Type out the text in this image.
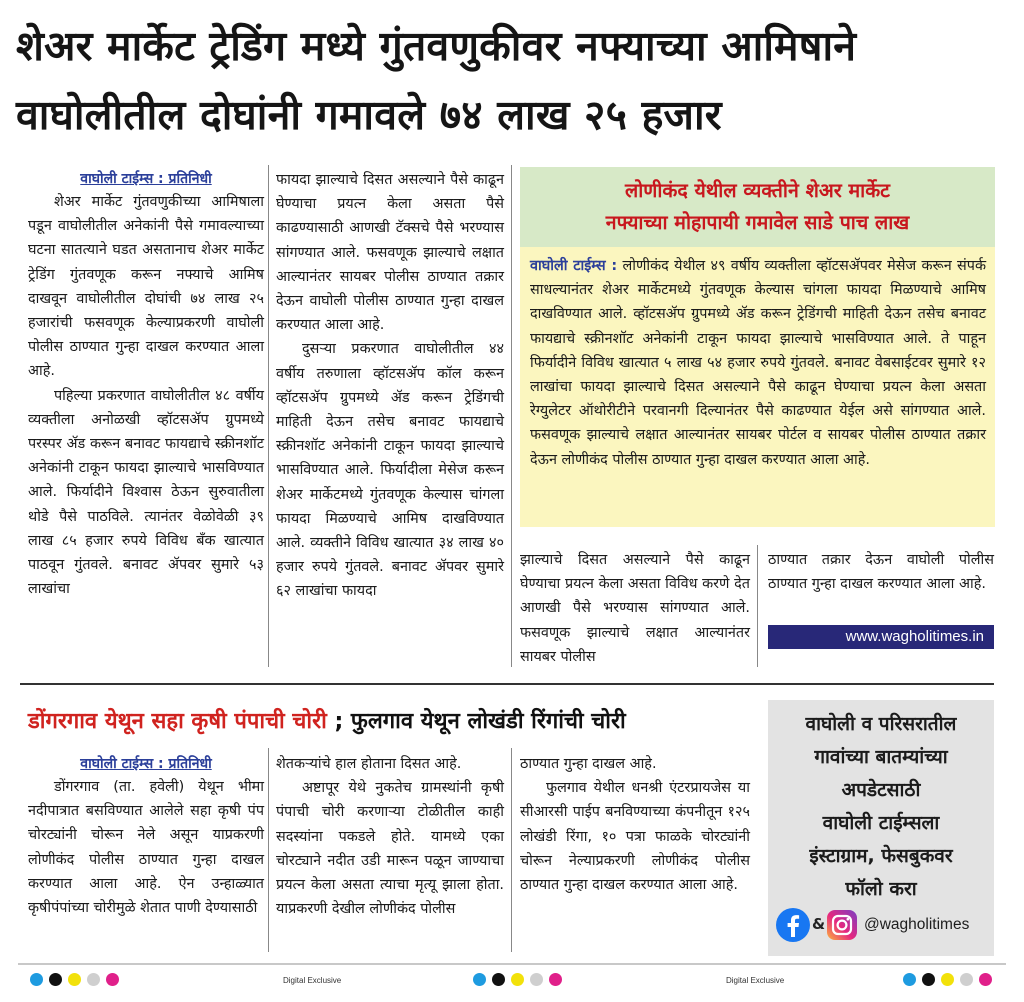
शेअर मार्केट ट्रेडिंग मध्ये गुंतवणुकीवर नफ्याच्या आमिषाने
वाघोलीतील दोघांनी गमावले ७४ लाख २५ हजार
वाघोली टाईम्स : प्रतिनिधी

शेअर मार्केट गुंतवणुकीच्या आमिषाला पडून वाघोलीतील अनेकांनी पैसे गमावल्याच्या घटना सातत्याने घडत असतानाच शेअर मार्केट ट्रेडिंग गुंतवणूक करून नफ्याचे आमिष दाखवून वाघोलीतील दोघांची ७४ लाख २५ हजारांची फसवणूक केल्याप्रकरणी वाघोली पोलीस ठाण्यात गुन्हा दाखल करण्यात आला आहे.

पहिल्या प्रकरणात वाघोलीतील ४८ वर्षीय व्यक्तीला अनोळखी व्हॉटसॲप ग्रुपमध्ये परस्पर ॲड करून बनावट फायद्याचे स्क्रीनशॉट अनेकांनी टाकून फायदा झाल्याचे भासविण्यात आले. फिर्यादीने विश्वास ठेऊन सुरुवातीला थोडे पैसे पाठविले. त्यानंतर वेळोवेळी ३९ लाख ८५ हजार रुपये विविध बँक खात्यात पाठवून गुंतवले. बनावट ॲपवर सुमारे ५३ लाखांचा

फायदा झाल्याचे दिसत असल्याने पैसे काढून घेण्याचा प्रयत्न केला असता पैसे काढण्यासाठी आणखी टॅक्सचे पैसे भरण्यास सांगण्यात आले. फसवणूक झाल्याचे लक्षात आल्यानंतर सायबर पोलीस ठाण्यात तक्रार देऊन वाघोली पोलीस ठाण्यात गुन्हा दाखल करण्यात आला आहे.

दुसऱ्या प्रकरणात वाघोलीतील ४४ वर्षीय तरुणाला व्हॉटसॲप कॉल करून व्हॉटसॲप ग्रुपमध्ये ॲड करून ट्रेडिंगची माहिती देऊन तसेच बनावट फायद्याचे स्क्रीनशॉट अनेकांनी टाकून फायदा झाल्याचे भासविण्यात आले. फिर्यादीला मेसेज करून शेअर मार्केटमध्ये गुंतवणूक केल्यास चांगला फायदा मिळण्याचे आमिष दाखविण्यात आले. व्यक्तीने विविध खात्यात ३४ लाख ४० हजार रुपये गुंतवले. बनावट ॲपवर सुमारे ६२ लाखांचा फायदा

लोणीकंद येथील व्यक्तीने शेअर मार्केट
नफ्याच्या मोहापायी गमावेल साडे पाच लाख
वाघोली टाईम्स : लोणीकंद येथील ४९ वर्षीय व्यक्तीला व्हॉटसॲपवर मेसेज करून संपर्क साधल्यानंतर शेअर मार्केटमध्ये गुंतवणूक केल्यास चांगला फायदा मिळण्याचे आमिष दाखविण्यात आले. व्हॉटसॲप ग्रुपमध्ये ॲड करून ट्रेडिंगची माहिती देऊन तसेच बनावट फायद्याचे स्क्रीनशॉट अनेकांनी टाकून फायदा झाल्याचे भासविण्यात आले. ते पाहून फिर्यादीने विविध खात्यात ५ लाख ५४ हजार रुपये गुंतवले. बनावट वेबसाईटवर सुमारे १२ लाखांचा फायदा झाल्याचे दिसत असल्याने पैसे काढून घेण्याचा प्रयत्न केला असता रेग्युलेटर ऑथोरीटीने परवानगी दिल्यानंतर पैसे काढण्यात येईल असे सांगण्यात आले. फसवणूक झाल्याचे लक्षात आल्यानंतर सायबर पोर्टल व सायबर पोलीस ठाण्यात तक्रार देऊन लोणीकंद पोलीस ठाण्यात गुन्हा दाखल करण्यात आला आहे.

झाल्याचे दिसत असल्याने पैसे काढून घेण्याचा प्रयत्न केला असता विविध करणे देत आणखी पैसे भरण्यास सांगण्यात आले. फसवणूक झाल्याचे लक्षात आल्यानंतर सायबर पोलीस

ठाण्यात तक्रार देऊन वाघोली पोलीस ठाण्यात गुन्हा दाखल करण्यात आला आहे.

www.wagholitimes.in
डोंगरगाव येथून सहा कृषी पंपाची चोरी ; फुलगाव येथून लोखंडी रिंगांची चोरी
वाघोली टाईम्स : प्रतिनिधी

डोंगरगाव (ता. हवेली) येथून भीमा नदीपात्रात बसविण्यात आलेले सहा कृषी पंप चोरट्यांनी चोरून नेले असून याप्रकरणी लोणीकंद पोलीस ठाण्यात गुन्हा दाखल करण्यात आला आहे. ऐन उन्हाळ्यात कृषीपंपांच्या चोरीमुळे शेतात पाणी देण्यासाठी

शेतकऱ्यांचे हाल होताना दिसत आहे.

अष्टापूर येथे नुकतेच ग्रामस्थांनी कृषी पंपाची चोरी करणाऱ्या टोळीतील काही सदस्यांना पकडले होते. यामध्ये एका चोरट्याने नदीत उडी मारून पळून जाण्याचा प्रयत्न केला असता त्याचा मृत्यू झाला होता. याप्रकरणी देखील लोणीकंद पोलीस

ठाण्यात गुन्हा दाखल आहे.

फुलगाव येथील धनश्री एंटरप्रायजेस या सीआरसी पाईप बनविण्याच्या कंपनीतून १२५ लोखंडी रिंगा, १० पत्रा फाळके चोरट्यांनी चोरून नेल्याप्रकरणी लोणीकंद पोलीस ठाण्यात गुन्हा दाखल करण्यात आला आहे.

वाघोली व परिसरातील
गावांच्या बातम्यांच्या
अपडेटसाठी
वाघोली टाईम्सला
इंस्टाग्राम, फेसबुकवर
फॉलो करा
&	@wagholitimes
Digital Exclusive	Digital Exclusive
